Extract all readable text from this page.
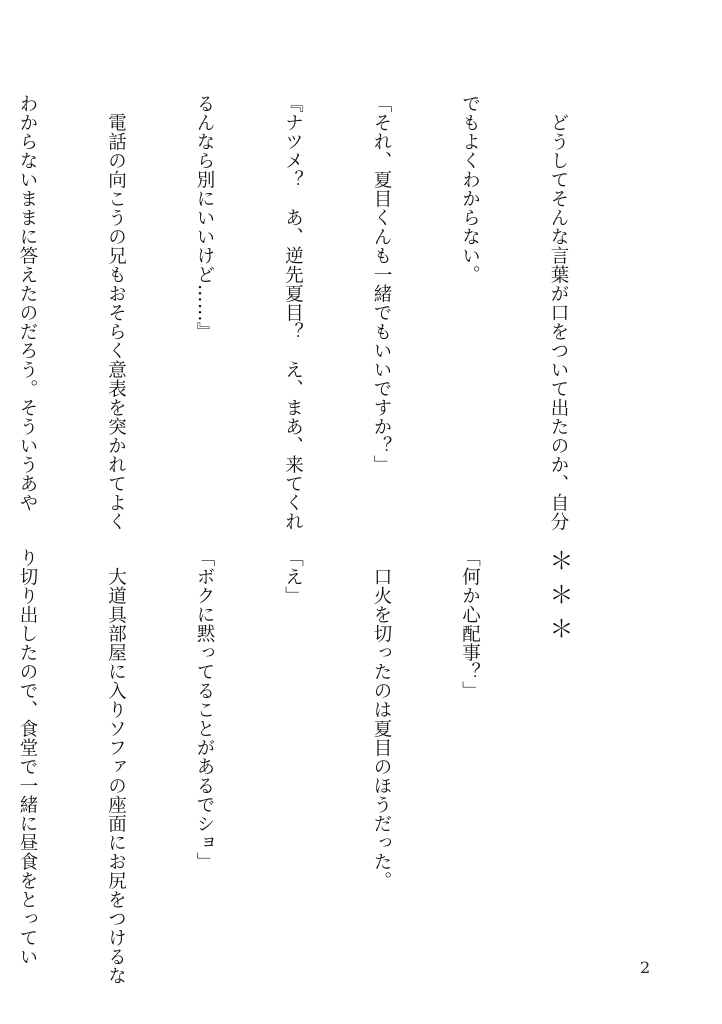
　どうしてそんな言葉が口をついて出たのか、自分

でもよくわからない。

「それ、夏目くんも一緒でもいいですか？」

『ナツメ？　あ、逆先夏目？　え、まあ、来てくれ

るんなら別にいいけど……』

　電話の向こうの兄もおそらく意表を突かれてよく

わからないままに答えたのだろう。そういうあや

＊＊＊

「何か心配事？」

　口火を切ったのは夏目のほうだった。

「え」

「ボクに黙ってることがあるでショ」

　大道具部屋に入りソファの座面にお尻をつけるな

り切り出したので、食堂で一緒に昼食をとってい

2
